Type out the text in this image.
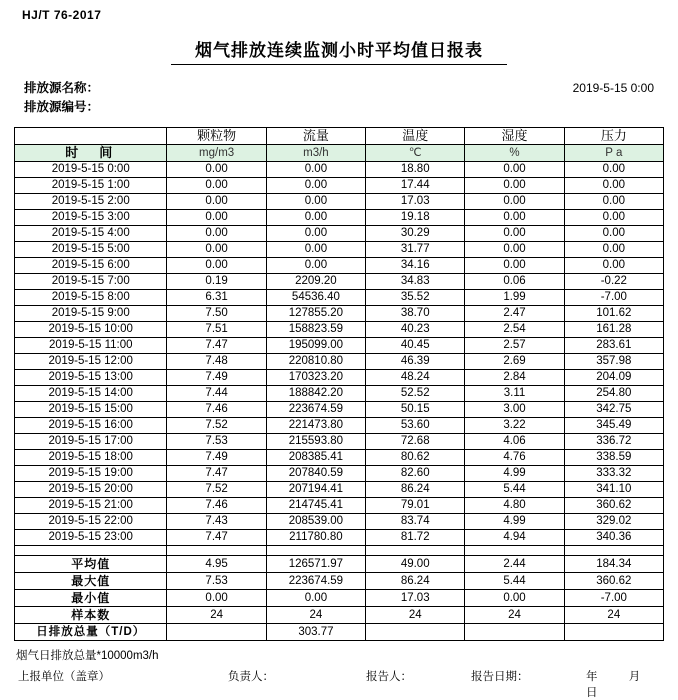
HJ/T 76-2017
烟气排放连续监测小时平均值日报表
排放源名称：
排放源编号：
2019-5-15 0:00
	颗粒物	流量	温度	湿度	压力
时　间	mg/m3	m3/h	℃	%	P a
2019-5-15 0:00	0.00	0.00	18.80	0.00	0.00
2019-5-15 1:00	0.00	0.00	17.44	0.00	0.00
2019-5-15 2:00	0.00	0.00	17.03	0.00	0.00
2019-5-15 3:00	0.00	0.00	19.18	0.00	0.00
2019-5-15 4:00	0.00	0.00	30.29	0.00	0.00
2019-5-15 5:00	0.00	0.00	31.77	0.00	0.00
2019-5-15 6:00	0.00	0.00	34.16	0.00	0.00
2019-5-15 7:00	0.19	2209.20	34.83	0.06	-0.22
2019-5-15 8:00	6.31	54536.40	35.52	1.99	-7.00
2019-5-15 9:00	7.50	127855.20	38.70	2.47	101.62
2019-5-15 10:00	7.51	158823.59	40.23	2.54	161.28
2019-5-15 11:00	7.47	195099.00	40.45	2.57	283.61
2019-5-15 12:00	7.48	220810.80	46.39	2.69	357.98
2019-5-15 13:00	7.49	170323.20	48.24	2.84	204.09
2019-5-15 14:00	7.44	188842.20	52.52	3.11	254.80
2019-5-15 15:00	7.46	223674.59	50.15	3.00	342.75
2019-5-15 16:00	7.52	221473.80	53.60	3.22	345.49
2019-5-15 17:00	7.53	215593.80	72.68	4.06	336.72
2019-5-15 18:00	7.49	208385.41	80.62	4.76	338.59
2019-5-15 19:00	7.47	207840.59	82.60	4.99	333.32
2019-5-15 20:00	7.52	207194.41	86.24	5.44	341.10
2019-5-15 21:00	7.46	214745.41	79.01	4.80	360.62
2019-5-15 22:00	7.43	208539.00	83.74	4.99	329.02
2019-5-15 23:00	7.47	211780.80	81.72	4.94	340.36

平均值	4.95	126571.97	49.00	2.44	184.34
最大值	7.53	223674.59	86.24	5.44	360.62
最小值	0.00	0.00	17.03	0.00	-7.00
样本数	24	24	24	24	24
日排放总量（T/D）		303.77			
烟气日排放总量*10000m3/h
上报单位（盖章）	负责人：	报告人：	报告日期：	年 月 日
